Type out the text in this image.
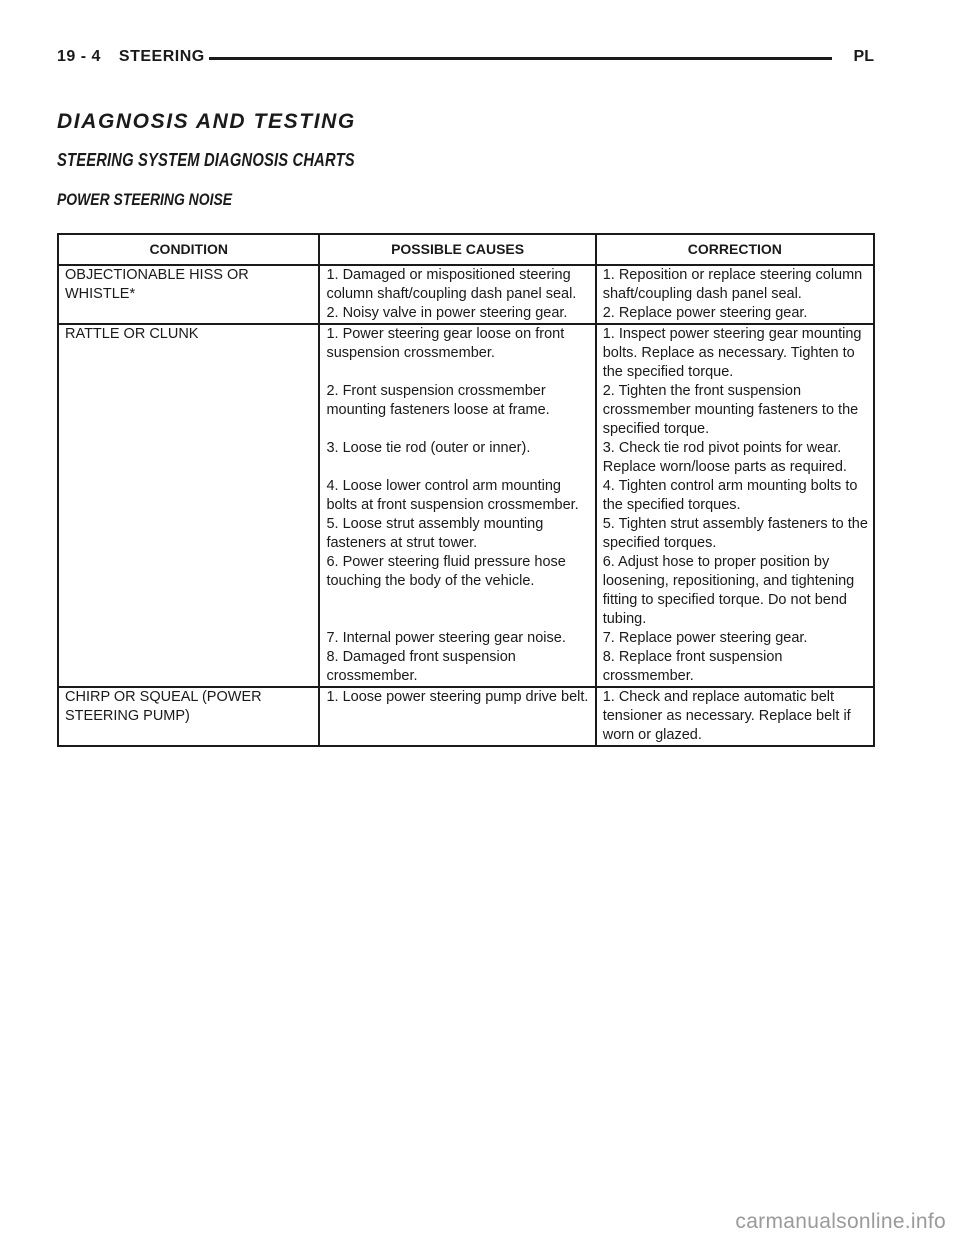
19 - 4 STEERING	PL
DIAGNOSIS AND TESTING
STEERING SYSTEM DIAGNOSIS CHARTS
POWER STEERING NOISE
CONDITION	POSSIBLE CAUSES	CORRECTION
OBJECTIONABLE HISS OR WHISTLE*	1. Damaged or mispositioned steering column shaft/coupling dash panel seal.	1. Reposition or replace steering column shaft/coupling dash panel seal.
	2. Noisy valve in power steering gear.	2. Replace power steering gear.
RATTLE OR CLUNK	1. Power steering gear loose on front suspension crossmember.	1. Inspect power steering gear mounting bolts. Replace as necessary. Tighten to the specified torque.
	2. Front suspension crossmember mounting fasteners loose at frame.	2. Tighten the front suspension crossmember mounting fasteners to the specified torque.
	3. Loose tie rod (outer or inner).	3. Check tie rod pivot points for wear. Replace worn/loose parts as required.
	4. Loose lower control arm mounting bolts at front suspension crossmember.	4. Tighten control arm mounting bolts to the specified torques.
	5. Loose strut assembly mounting fasteners at strut tower.	5. Tighten strut assembly fasteners to the specified torques.
	6. Power steering fluid pressure hose touching the body of the vehicle.	6. Adjust hose to proper position by loosening, repositioning, and tightening fitting to specified torque. Do not bend tubing.
	7. Internal power steering gear noise.	7. Replace power steering gear.
	8. Damaged front suspension crossmember.	8. Replace front suspension crossmember.
CHIRP OR SQUEAL (POWER STEERING PUMP)	1. Loose power steering pump drive belt.	1. Check and replace automatic belt tensioner as necessary. Replace belt if worn or glazed.
carmanualsonline.info
